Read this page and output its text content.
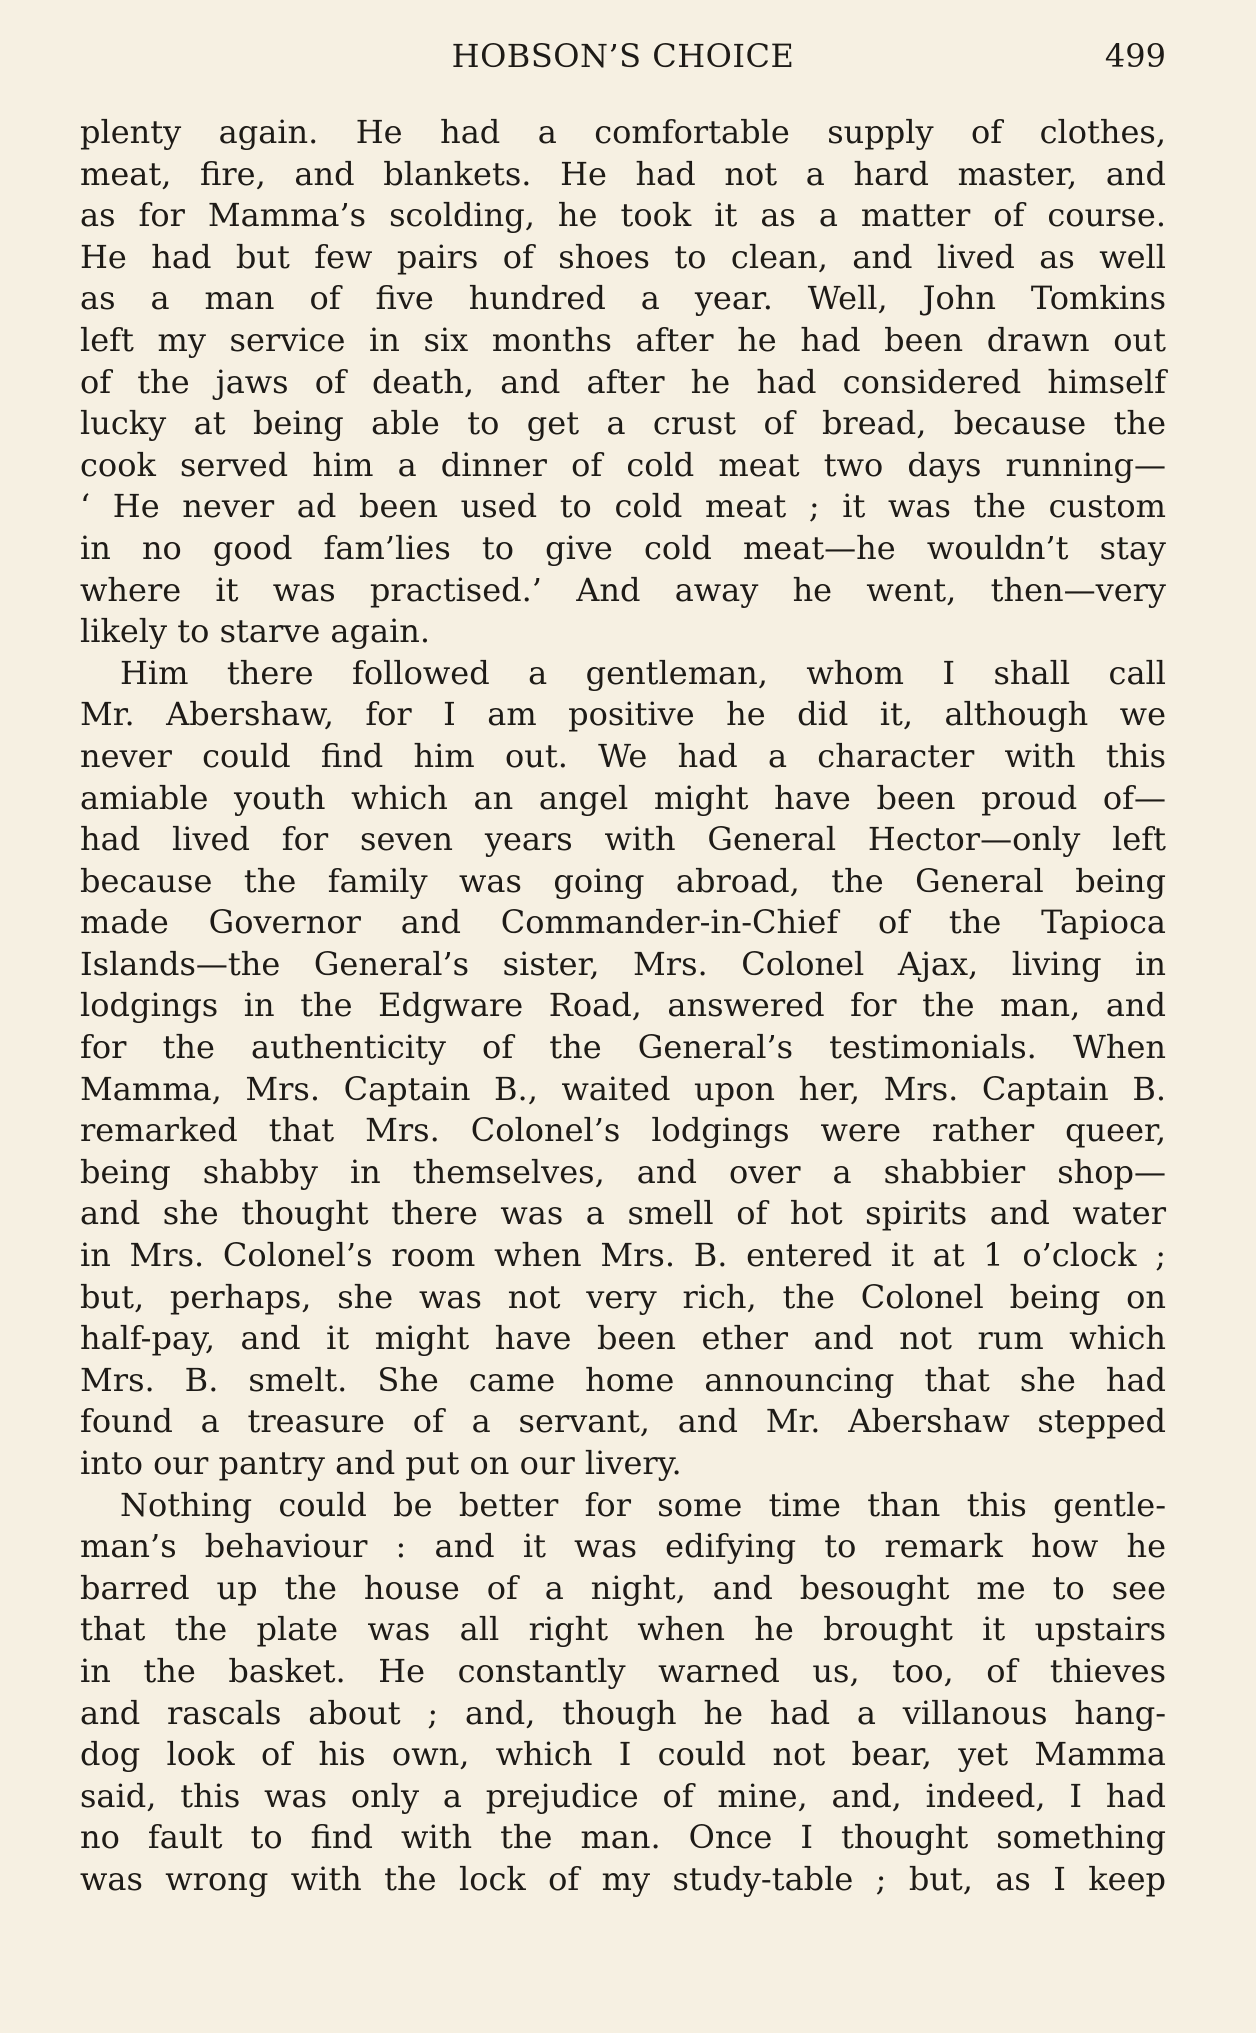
HOBSON’S CHOICE	499
plenty again. He had a comfortable supply of clothes,
meat, fire, and blankets. He had not a hard master, and
as for Mamma’s scolding, he took it as a matter of course.
He had but few pairs of shoes to clean, and lived as well
as a man of five hundred a year. Well, John Tomkins
left my service in six months after he had been drawn out
of the jaws of death, and after he had considered himself
lucky at being able to get a crust of bread, because the
cook served him a dinner of cold meat two days running—
‘ He never ad been used to cold meat ; it was the custom
in no good fam’lies to give cold meat—he wouldn’t stay
where it was practised.’ And away he went, then—very
likely to starve again.
Him there followed a gentleman, whom I shall call
Mr. Abershaw, for I am positive he did it, although we
never could find him out. We had a character with this
amiable youth which an angel might have been proud of—
had lived for seven years with General Hector—only left
because the family was going abroad, the General being
made Governor and Commander-in-Chief of the Tapioca
Islands—the General’s sister, Mrs. Colonel Ajax, living in
lodgings in the Edgware Road, answered for the man, and
for the authenticity of the General’s testimonials. When
Mamma, Mrs. Captain B., waited upon her, Mrs. Captain B.
remarked that Mrs. Colonel’s lodgings were rather queer,
being shabby in themselves, and over a shabbier shop—
and she thought there was a smell of hot spirits and water
in Mrs. Colonel’s room when Mrs. B. entered it at 1 o’clock ;
but, perhaps, she was not very rich, the Colonel being on
half-pay, and it might have been ether and not rum which
Mrs. B. smelt. She came home announcing that she had
found a treasure of a servant, and Mr. Abershaw stepped
into our pantry and put on our livery.
Nothing could be better for some time than this gentle-
man’s behaviour : and it was edifying to remark how he
barred up the house of a night, and besought me to see
that the plate was all right when he brought it upstairs
in the basket. He constantly warned us, too, of thieves
and rascals about ; and, though he had a villanous hang-
dog look of his own, which I could not bear, yet Mamma
said, this was only a prejudice of mine, and, indeed, I had
no fault to find with the man. Once I thought something
was wrong with the lock of my study-table ; but, as I keep
